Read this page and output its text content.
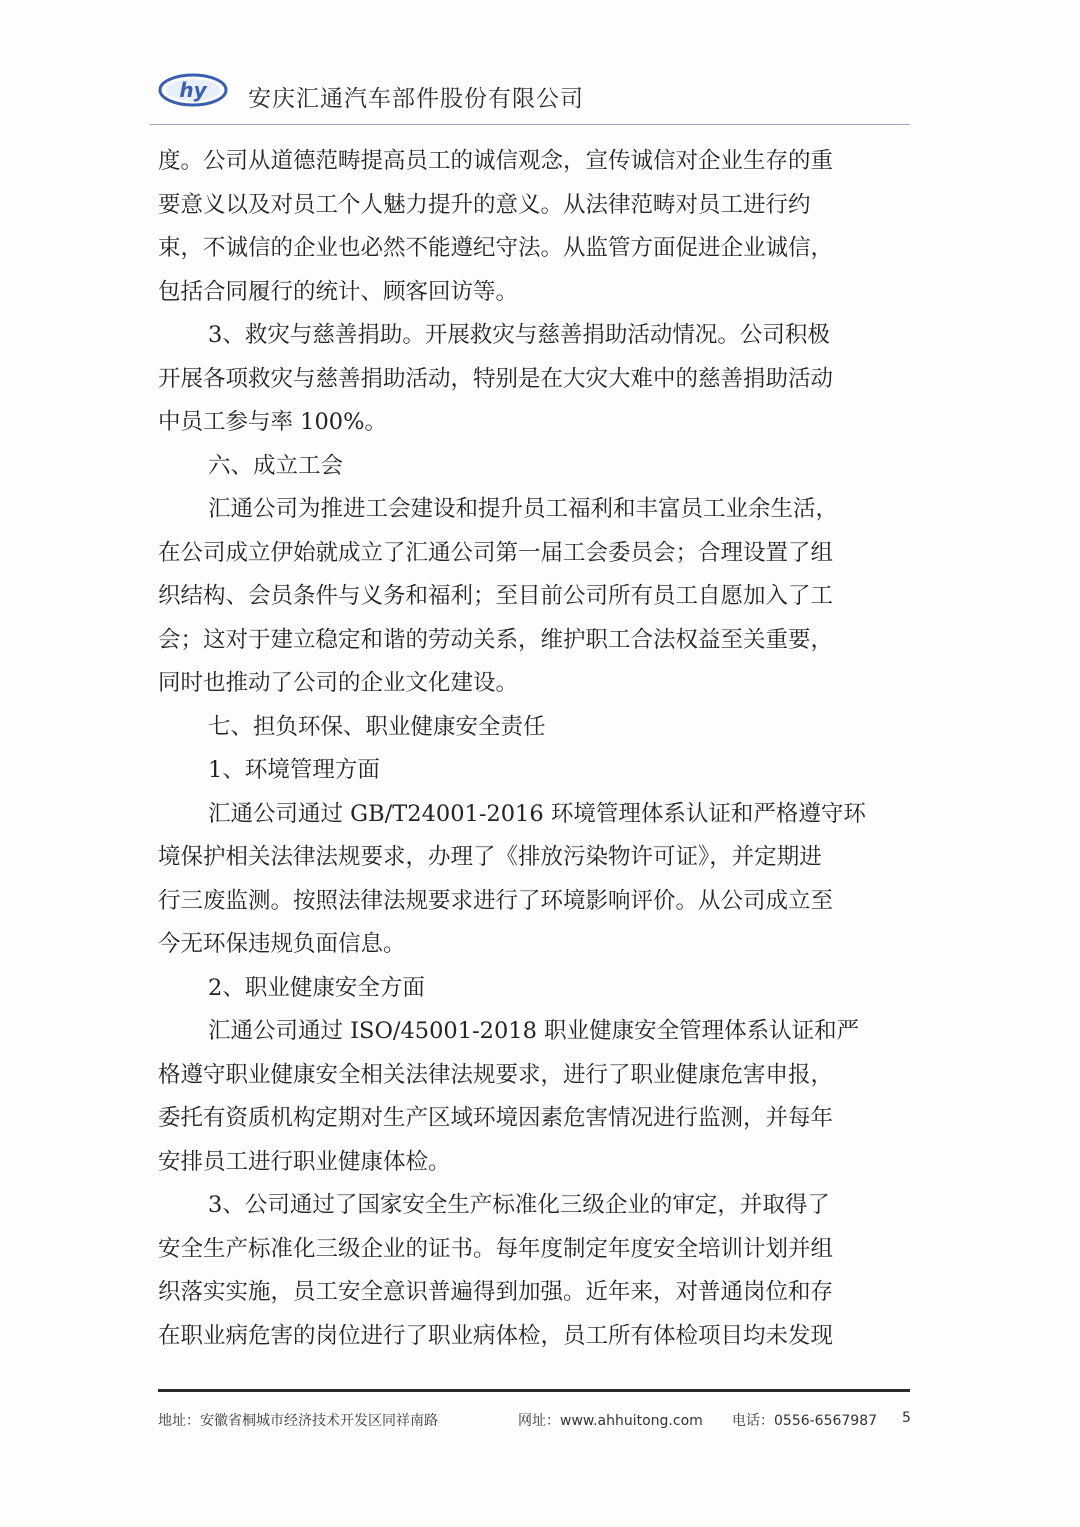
hy 安庆汇通汽车部件股份有限公司
度。公司从道德范畴提高员工的诚信观念，宣传诚信对企业生存的重
要意义以及对员工个人魅力提升的意义。从法律范畴对员工进行约
束，不诚信的企业也必然不能遵纪守法。从监管方面促进企业诚信，
包括合同履行的统计、顾客回访等。
3、救灾与慈善捐助。开展救灾与慈善捐助活动情况。公司积极
开展各项救灾与慈善捐助活动，特别是在大灾大难中的慈善捐助活动
中员工参与率 100%。
六、成立工会
汇通公司为推进工会建设和提升员工福利和丰富员工业余生活，
在公司成立伊始就成立了汇通公司第一届工会委员会；合理设置了组
织结构、会员条件与义务和福利；至目前公司所有员工自愿加入了工
会；这对于建立稳定和谐的劳动关系，维护职工合法权益至关重要，
同时也推动了公司的企业文化建设。
七、担负环保、职业健康安全责任
1、环境管理方面
汇通公司通过 GB/T24001-2016 环境管理体系认证和严格遵守环
境保护相关法律法规要求，办理了《排放污染物许可证》，并定期进
行三废监测。按照法律法规要求进行了环境影响评价。从公司成立至
今无环保违规负面信息。
2、职业健康安全方面
汇通公司通过 ISO/45001-2018 职业健康安全管理体系认证和严
格遵守职业健康安全相关法律法规要求，进行了职业健康危害申报，
委托有资质机构定期对生产区域环境因素危害情况进行监测，并每年
安排员工进行职业健康体检。
3、公司通过了国家安全生产标准化三级企业的审定，并取得了
安全生产标准化三级企业的证书。每年度制定年度安全培训计划并组
织落实实施，员工安全意识普遍得到加强。近年来，对普通岗位和存
在职业病危害的岗位进行了职业病体检，员工所有体检项目均未发现
地址：安徽省桐城市经济技术开发区同祥南路	网址：www.ahhuitong.com 电话：0556-6567987 5
